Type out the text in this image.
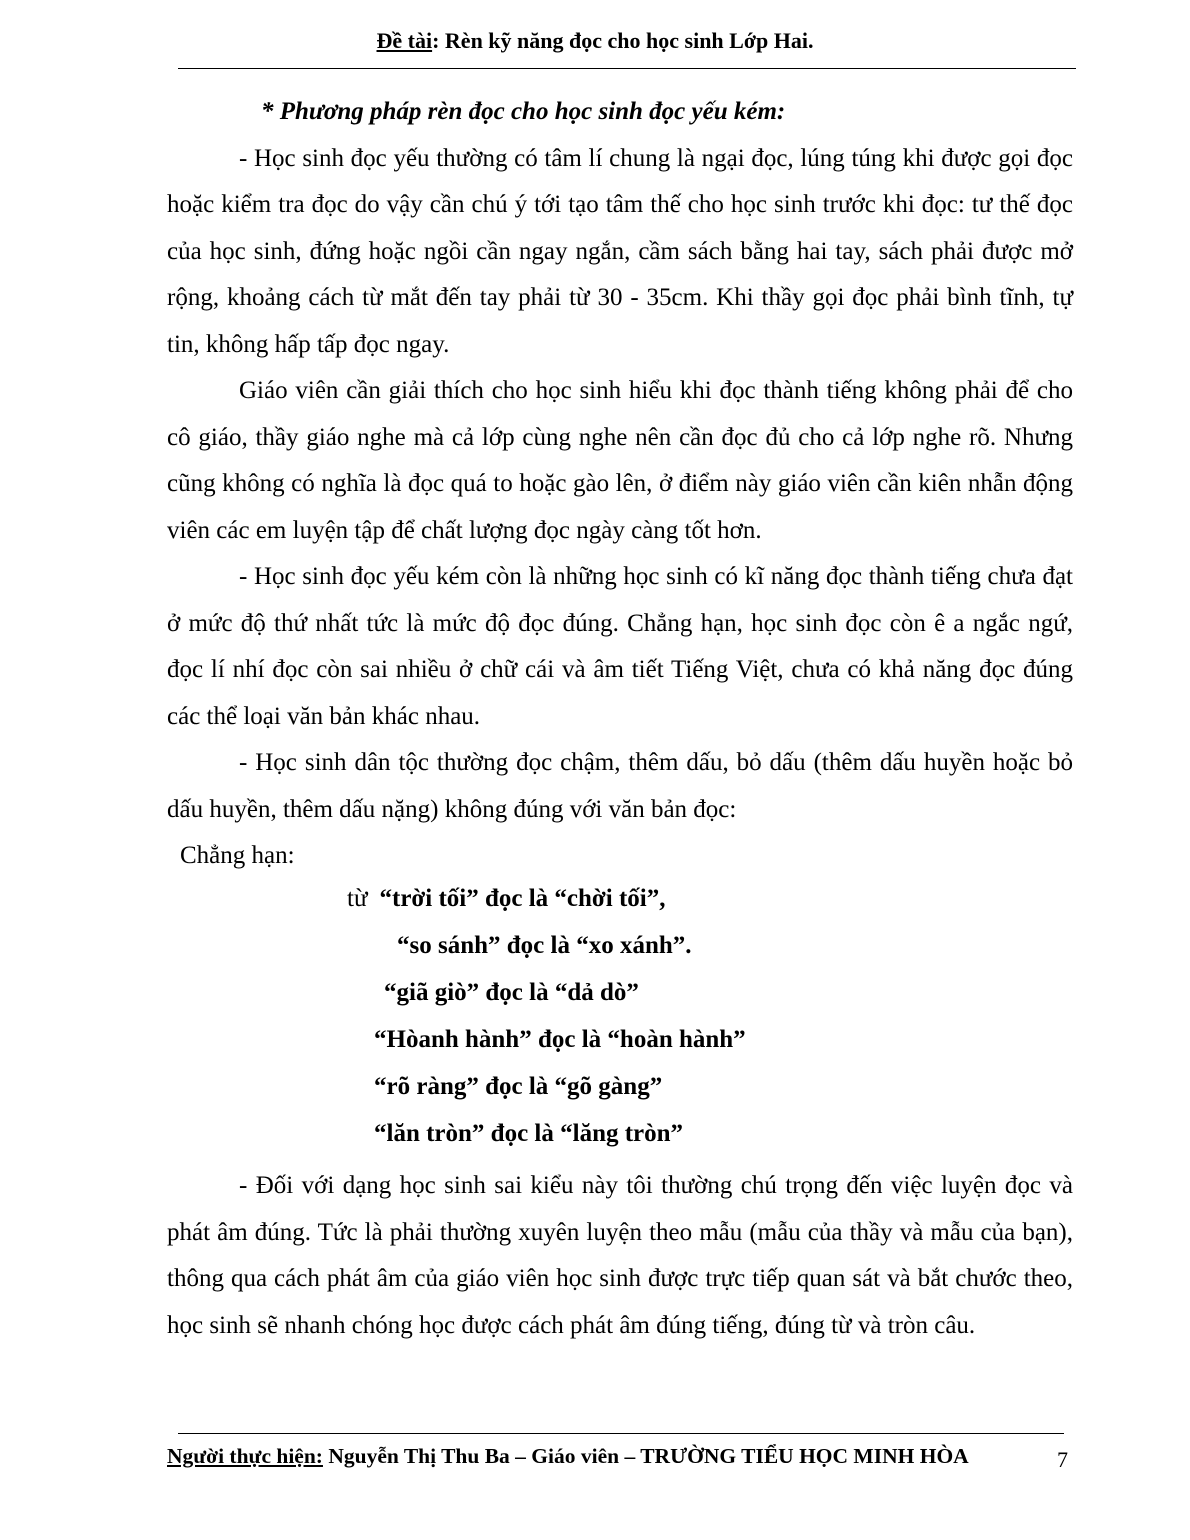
Đề tài: Rèn kỹ năng đọc cho học sinh Lớp Hai.

* Phương pháp rèn đọc cho học sinh đọc yếu kém:

- Học sinh đọc yếu thường có tâm lí chung là ngại đọc, lúng túng khi được gọi đọc hoặc kiểm tra đọc do vậy cần chú ý tới tạo tâm thế cho học sinh trước khi đọc: tư thế đọc của học sinh, đứng hoặc ngồi cần ngay ngắn, cầm sách bằng hai tay, sách phải được mở rộng, khoảng cách từ mắt đến tay phải từ 30 - 35cm. Khi thầy gọi đọc phải bình tĩnh, tự tin, không hấp tấp đọc ngay.

Giáo viên cần giải thích cho học sinh hiểu khi đọc thành tiếng không phải để cho cô giáo, thầy giáo nghe mà cả lớp cùng nghe nên cần đọc đủ cho cả lớp nghe rõ. Nhưng cũng không có nghĩa là đọc quá to hoặc gào lên, ở điểm này giáo viên cần kiên nhẫn động viên các em luyện tập để chất lượng đọc ngày càng tốt hơn.

- Học sinh đọc yếu kém còn là những học sinh có kĩ năng đọc thành tiếng chưa đạt ở mức độ thứ nhất tức là mức độ đọc đúng. Chẳng hạn, học sinh đọc còn ê a ngắc ngứ, đọc lí nhí đọc còn sai nhiều ở chữ cái và âm tiết Tiếng Việt, chưa có khả năng đọc đúng các thể loại văn bản khác nhau.

- Học sinh dân tộc thường đọc chậm, thêm dấu, bỏ dấu (thêm dấu huyền hoặc bỏ dấu huyền, thêm dấu nặng) không đúng với văn bản đọc:

Chẳng hạn:

từ “trời tối” đọc là “chời tối”,
“so sánh” đọc là “xo xánh”.
“giã giò” đọc là “dả dò”
“Hòanh hành” đọc là “hoàn hành”
“rõ ràng” đọc là “gõ gàng”
“lăn tròn” đọc là “lăng tròn”

- Đối với dạng học sinh sai kiểu này tôi thường chú trọng đến việc luyện đọc và phát âm đúng. Tức là phải thường xuyên luyện theo mẫu (mẫu của thầy và mẫu của bạn), thông qua cách phát âm của giáo viên học sinh được trực tiếp quan sát và bắt chước theo, học sinh sẽ nhanh chóng học được cách phát âm đúng tiếng, đúng từ và tròn câu.

Người thực hiện: Nguyễn Thị Thu Ba – Giáo viên – TRƯỜNG TIỂU HỌC MINH HÒA	7
